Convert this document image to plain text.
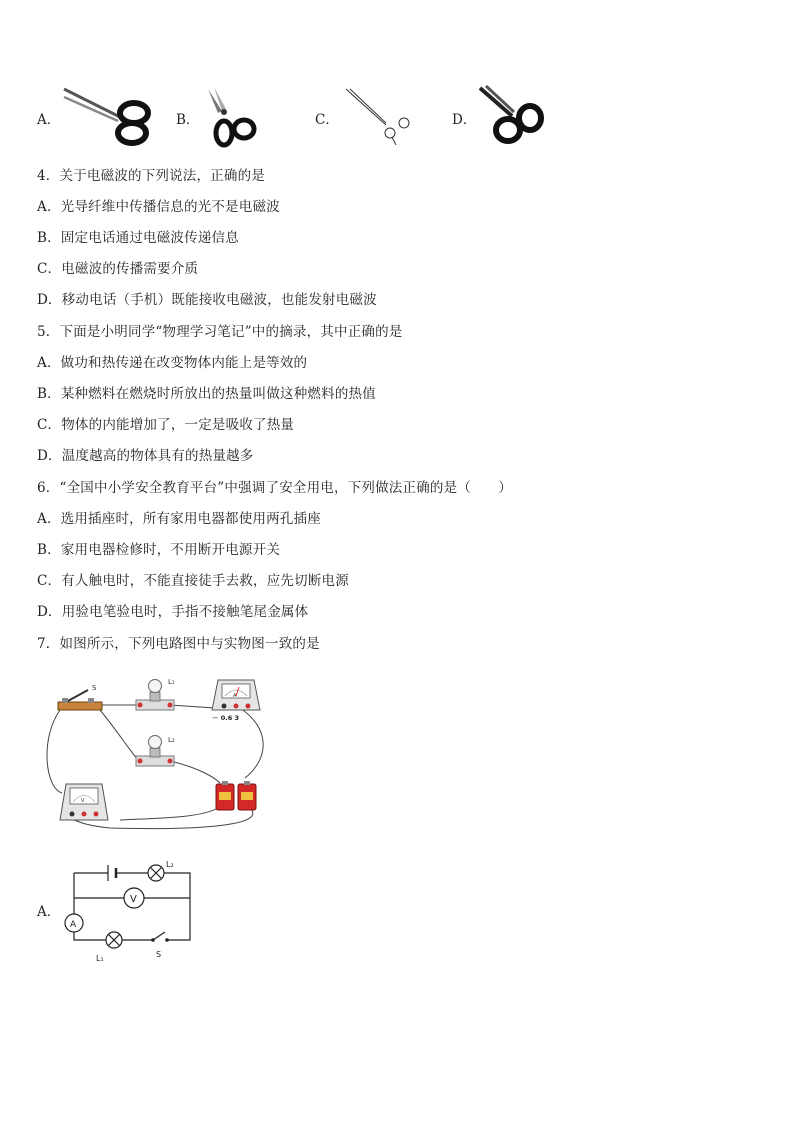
A．	B．	C．	D．
4．关于电磁波的下列说法，正确的是
A．光导纤维中传播信息的光不是电磁波
B．固定电话通过电磁波传递信息
C．电磁波的传播需要介质
D．移动电话（手机）既能接收电磁波，也能发射电磁波
5．下面是小明同学“物理学习笔记”中的摘录，其中正确的是
A．做功和热传递在改变物体内能上是等效的
B．某种燃料在燃烧时所放出的热量叫做这种燃料的热值
C．物体的内能增加了，一定是吸收了热量
D．温度越高的物体具有的热量越多
6．“全国中小学安全教育平台”中强调了安全用电，下列做法正确的是（　　）
A．选用插座时，所有家用电器都使用两孔插座
B．家用电器检修时，不用断开电源开关
C．有人触电时，不能直接徒手去救，应先切断电源
D．用验电笔验电时，手指不接触笔尾金属体
7．如图所示，下列电路图中与实物图一致的是
S
L₁
A
－ 0.6 3
L₂
V
A．
L₂
V
A
L₁	S
